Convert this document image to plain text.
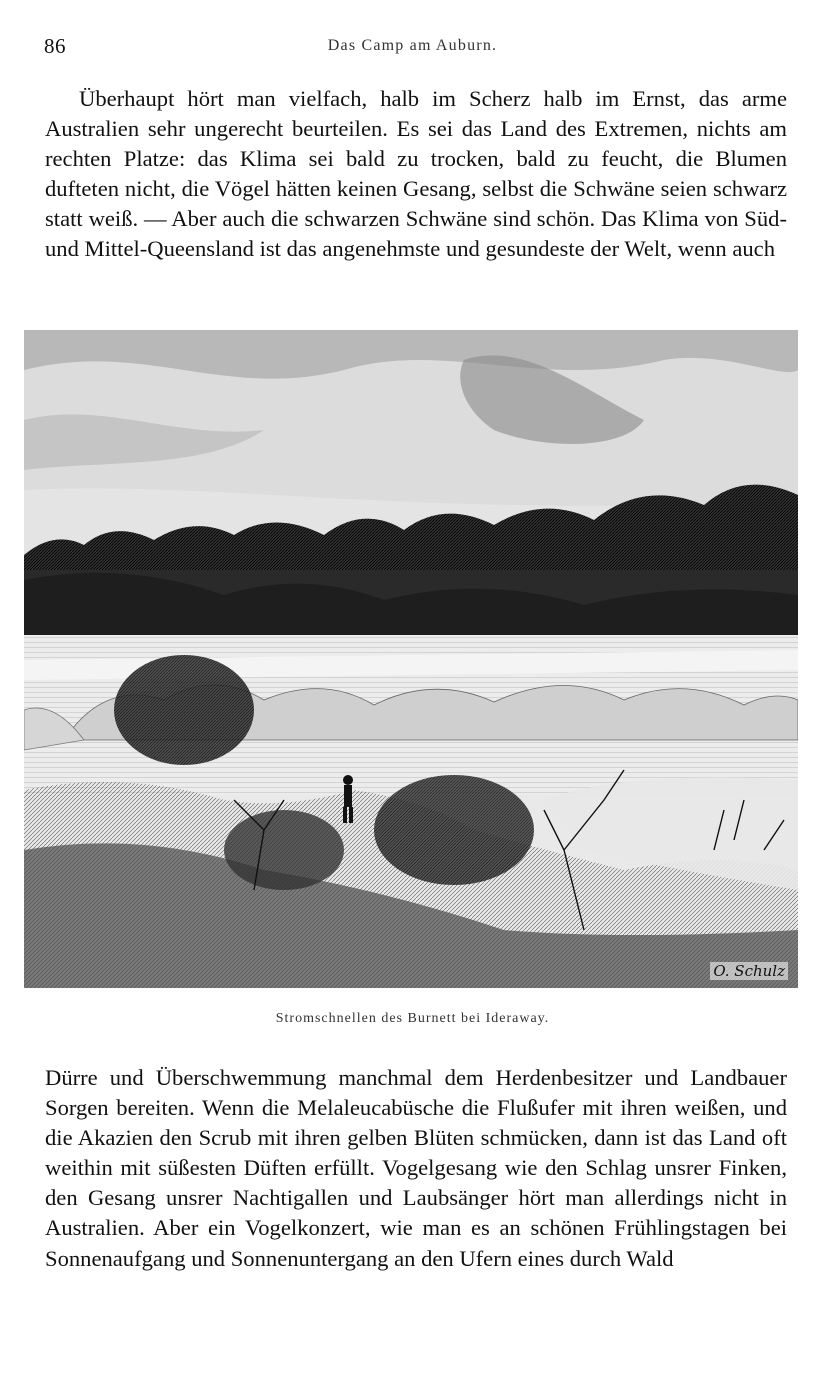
86	Das Camp am Auburn.

Überhaupt hört man vielfach, halb im Scherz halb im Ernst, das arme Australien sehr ungerecht beurteilen. Es sei das Land des Extremen, nichts am rechten Platze: das Klima sei bald zu trocken, bald zu feucht, die Blumen dufteten nicht, die Vögel hätten keinen Gesang, selbst die Schwäne seien schwarz statt weiß. — Aber auch die schwarzen Schwäne sind schön. Das Klima von Süd- und Mittel-Queensland ist das angenehmste und gesundeste der Welt, wenn auch

O. Schulz
Stromschnellen des Burnett bei Ideraway.

Dürre und Überschwemmung manchmal dem Herdenbesitzer und Landbauer Sorgen bereiten. Wenn die Melaleucabüsche die Flußufer mit ihren weißen, und die Akazien den Scrub mit ihren gelben Blüten schmücken, dann ist das Land oft weithin mit süßesten Düften erfüllt. Vogelgesang wie den Schlag unsrer Finken, den Gesang unsrer Nachtigallen und Laubsänger hört man allerdings nicht in Australien. Aber ein Vogelkonzert, wie man es an schönen Frühlingstagen bei Sonnenaufgang und Sonnenuntergang an den Ufern eines durch Wald
